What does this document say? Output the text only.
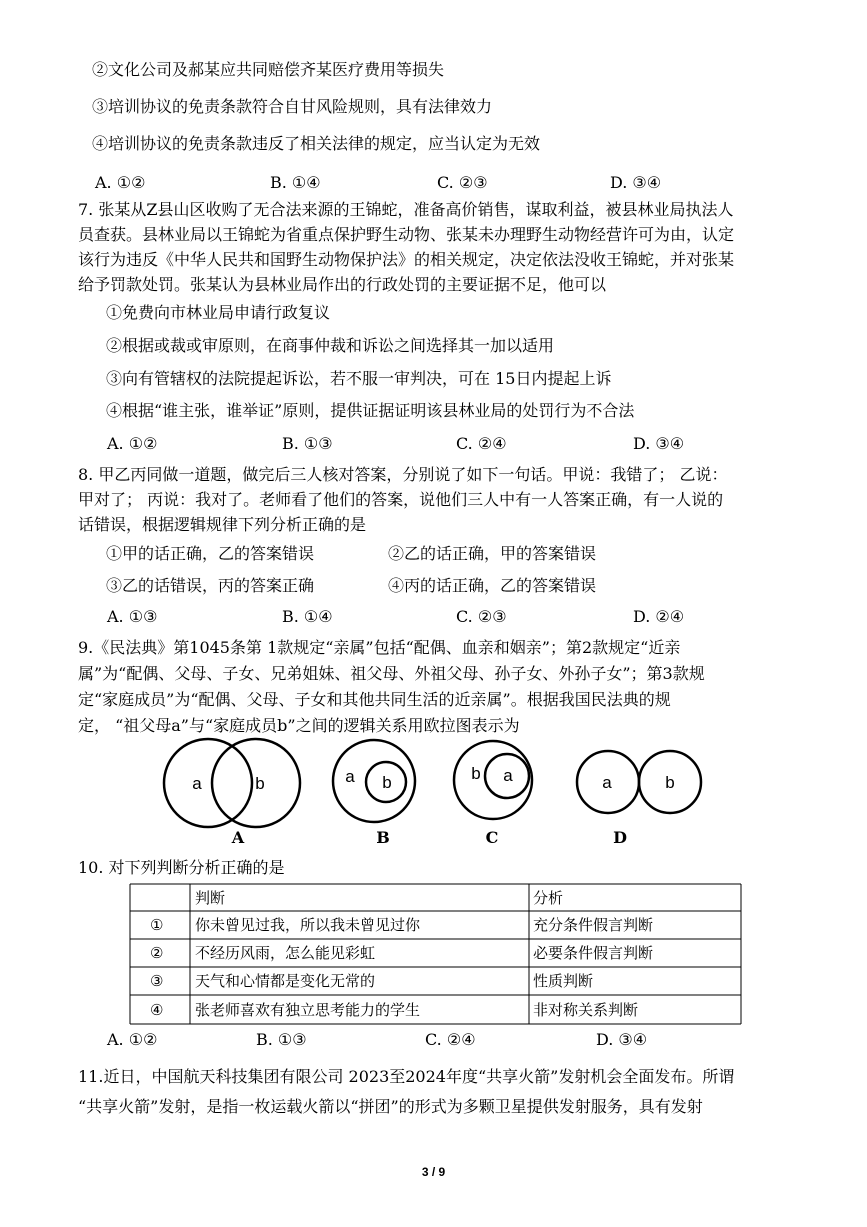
②文化公司及郝某应共同赔偿齐某医疗费用等损失
③培训协议的免责条款符合自甘风险规则，具有法律效力
④培训协议的免责条款违反了相关法律的规定，应当认定为无效
A. ①②	B. ①④	C. ②③	D. ③④
7. 张某从Z县山区收购了无合法来源的王锦蛇，准备高价销售，谋取利益，被县林业局执法人
员查获。县林业局以王锦蛇为省重点保护野生动物、张某未办理野生动物经营许可为由，认定
该行为违反《中华人民共和国野生动物保护法》的相关规定，决定依法没收王锦蛇，并对张某
给予罚款处罚。张某认为县林业局作出的行政处罚的主要证据不足，他可以
①免费向市林业局申请行政复议
②根据或裁或审原则，在商事仲裁和诉讼之间选择其一加以适用
③向有管辖权的法院提起诉讼，若不服一审判决，可在 15日内提起上诉
④根据“谁主张，谁举证”原则，提供证据证明该县林业局的处罚行为不合法
A. ①②	B. ①③	C. ②④	D. ③④
8. 甲乙丙同做一道题，做完后三人核对答案，分别说了如下一句话。甲说：我错了； 乙说：
甲对了； 丙说：我对了。老师看了他们的答案，说他们三人中有一人答案正确，有一人说的
话错误，根据逻辑规律下列分析正确的是
①甲的话正确，乙的答案错误	②乙的话正确，甲的答案错误
③乙的话错误，丙的答案正确	④丙的话正确，乙的答案错误
A. ①③	B. ①④	C. ②③	D. ②④
9.《民法典》第1045条第 1款规定“亲属”包括“配偶、血亲和姻亲”；第2款规定“近亲
属”为“配偶、父母、子女、兄弟姐妹、祖父母、外祖父母、孙子女、外孙子女”；第3款规
定“家庭成员”为“配偶、父母、子女和其他共同生活的近亲属”。根据我国民法典的规
定， “祖父母a”与“家庭成员b”之间的逻辑关系用欧拉图表示为
a	b	a b	b a	a	b
A	B	C	D
10. 对下列判断分析正确的是
判断	分析
① 你未曾见过我，所以我未曾见过你	充分条件假言判断
② 不经历风雨，怎么能见彩虹	必要条件假言判断
③ 天气和心情都是变化无常的	性质判断
④ 张老师喜欢有独立思考能力的学生	非对称关系判断
A. ①②	B. ①③	C. ②④	D. ③④
11.近日，中国航天科技集团有限公司 2023至2024年度“共享火箭”发射机会全面发布。所谓
“共享火箭”发射，是指一枚运载火箭以“拼团”的形式为多颗卫星提供发射服务，具有发射
3 / 9
